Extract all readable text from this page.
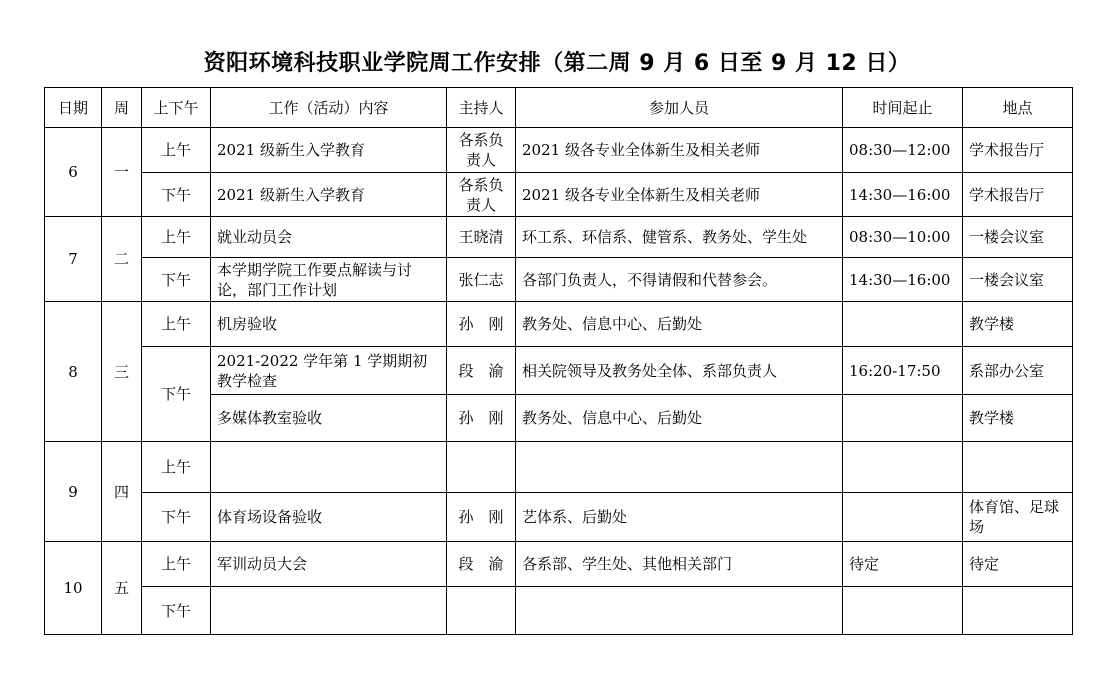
资阳环境科技职业学院周工作安排（第二周 9 月 6 日至 9 月 12 日）
日期	周	上下午	工作（活动）内容	主持人	参加人员	时间起止	地点
6	一	上午	2021 级新生入学教育	各系负责人	2021 级各专业全体新生及相关老师	08:30—12:00	学术报告厅
		下午	2021 级新生入学教育	各系负责人	2021 级各专业全体新生及相关老师	14:30—16:00	学术报告厅
7	二	上午	就业动员会	王晓清	环工系、环信系、健管系、教务处、学生处	08:30—10:00	一楼会议室
		下午	本学期学院工作要点解读与讨论，部门工作计划	张仁志	各部门负责人，不得请假和代替参会。	14:30—16:00	一楼会议室
8	三	上午	机房验收	孙　刚	教务处、信息中心、后勤处		教学楼
		下午	2021-2022 学年第 1 学期期初教学检查	段　渝	相关院领导及教务处全体、系部负责人	16:20-17:50	系部办公室
			多媒体教室验收	孙　刚	教务处、信息中心、后勤处		教学楼
9	四	上午					
		下午	体育场设备验收	孙　刚	艺体系、后勤处		体育馆、足球场
10	五	上午	军训动员大会	段　渝	各系部、学生处、其他相关部门	待定	待定
		下午					
